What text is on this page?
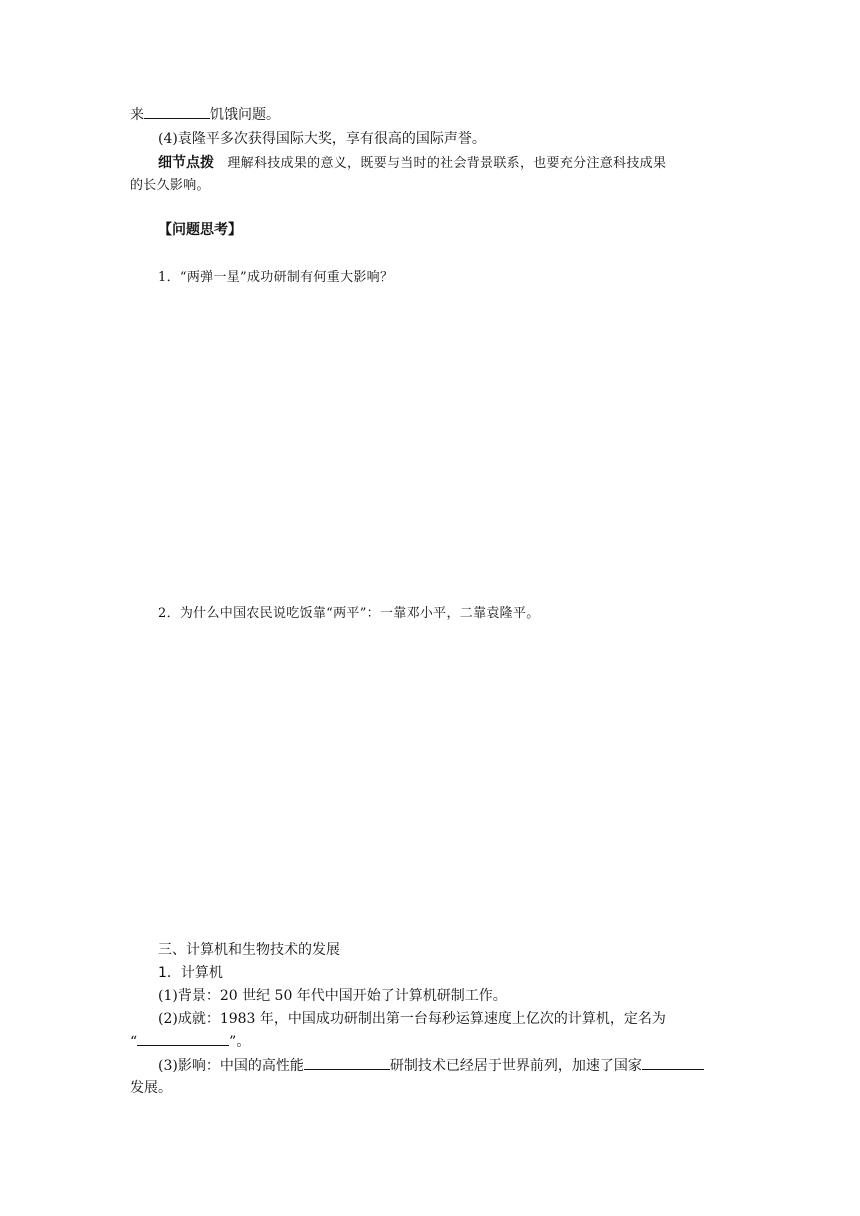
来	饥饿问题。
(4)袁隆平多次获得国际大奖，享有很高的国际声誉。
细节点拨 理解科技成果的意义，既要与当时的社会背景联系，也要充分注意科技成果
的长久影响。
【问题思考】
1．“两弹一星”成功研制有何重大影响？
2．为什么中国农民说吃饭靠“两平”：一靠邓小平，二靠袁隆平。
三、计算机和生物技术的发展
1．计算机
(1)背景：20 世纪 50 年代中国开始了计算机研制工作。
(2)成就：1983 年，中国成功研制出第一台每秒运算速度上亿次的计算机，定名为
“	”。
(3)影响：中国的高性能	研制技术已经居于世界前列，加速了国家
发展。
